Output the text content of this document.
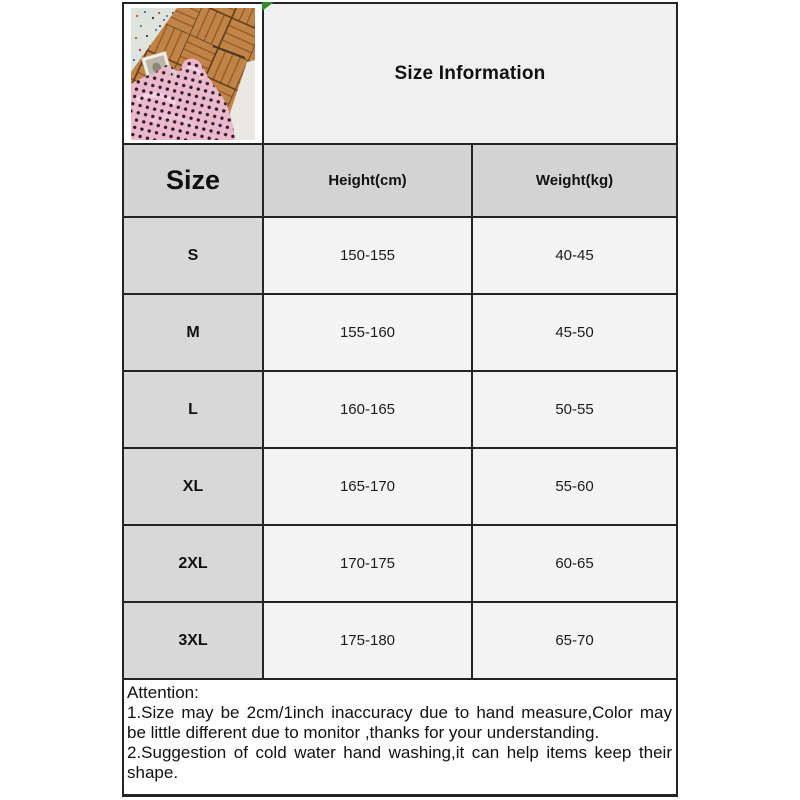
Size Information
Size	Height(cm)	Weight(kg)
S	150-155	40-45
M	155-160	45-50
L	160-165	50-55
XL	165-170	55-60
2XL	170-175	60-65
3XL	175-180	65-70
Attention:

1.Size may be 2cm/1inch inaccuracy due to hand measure,Color may be little different due to monitor ,thanks for your understanding.

2.Suggestion of cold water hand washing,it can help items keep their shape.
